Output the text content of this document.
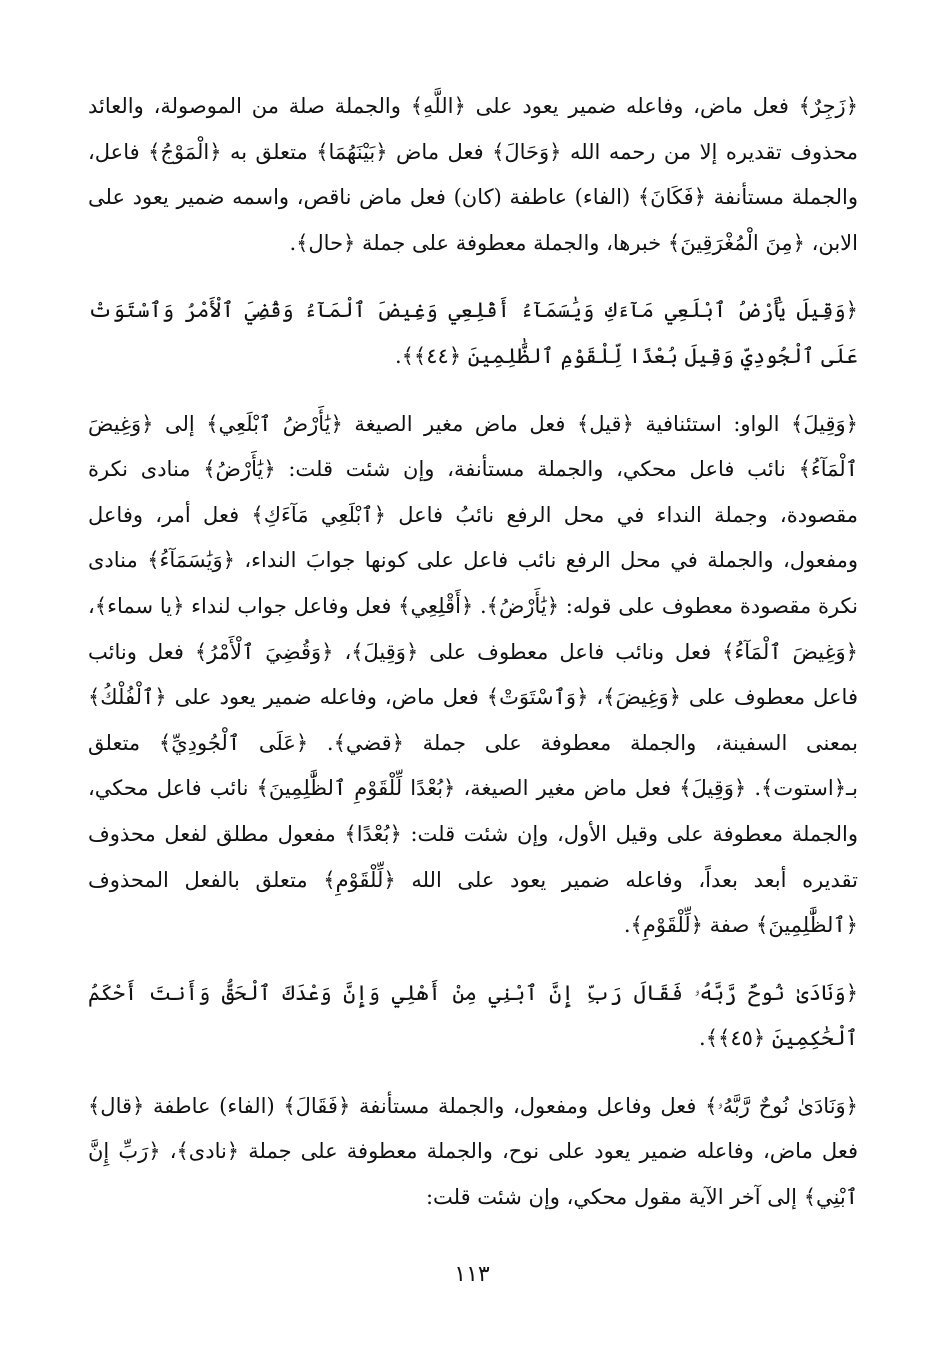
﴿زَجِرٌ﴾ فعل ماض، وفاعله ضمير يعود على ﴿اللَّهِ﴾ والجملة صلة من الموصولة، والعائد محذوف تقديره إلا من رحمه الله ﴿وَحَالَ﴾ فعل ماض ﴿بَيْنَهُمَا﴾ متعلق به ﴿الْمَوْجُ﴾ فاعل، والجملة مستأنفة ﴿فَكَانَ﴾ (الفاء) عاطفة (كان) فعل ماض ناقص، واسمه ضمير يعود على الابن، ﴿مِنَ الْمُغْرَقِينَ﴾ خبرها، والجملة معطوفة على جملة ﴿حال﴾.

﴿وَقِيلَ يَٰأَرْضُ ٱبْلَعِي مَآءَكِ وَيَٰسَمَآءُ أَقْلِعِي وَغِيضَ ٱلْمَآءُ وَقُضِيَ ٱلْأَمْرُ وَٱسْتَوَتْ عَلَى ٱلْجُودِيِّ وَقِيلَ بُعْدًا لِّلْقَوْمِ ٱلظَّٰلِمِينَ ﴿٤٤﴾﴾.

﴿وَقِيلَ﴾ الواو: استئنافية ﴿قيل﴾ فعل ماض مغير الصيغة ﴿يَٰأَرْضُ ٱبْلَعِي﴾ إلى ﴿وَغِيضَ ٱلْمَآءُ﴾ نائب فاعل محكي، والجملة مستأنفة، وإن شئت قلت: ﴿يَٰأَرْضُ﴾ منادى نكرة مقصودة، وجملة النداء في محل الرفع نائبُ فاعل ﴿ٱبْلَعِي مَآءَكِ﴾ فعل أمر، وفاعل ومفعول، والجملة في محل الرفع نائب فاعل على كونها جوابَ النداء، ﴿وَيَٰسَمَآءُ﴾ منادى نكرة مقصودة معطوف على قوله: ﴿يَٰأَرْضُ﴾. ﴿أَقْلِعِي﴾ فعل وفاعل جواب لنداء ﴿يا سماء﴾، ﴿وَغِيضَ ٱلْمَآءُ﴾ فعل ونائب فاعل معطوف على ﴿وَقِيلَ﴾، ﴿وَقُضِيَ ٱلْأَمْرُ﴾ فعل ونائب فاعل معطوف على ﴿وَغِيضَ﴾، ﴿وَٱسْتَوَتْ﴾ فعل ماض، وفاعله ضمير يعود على ﴿ٱلْفُلْكُ﴾ بمعنى السفينة، والجملة معطوفة على جملة ﴿قضي﴾. ﴿عَلَى ٱلْجُودِيِّ﴾ متعلق بـ﴿استوت﴾. ﴿وَقِيلَ﴾ فعل ماض مغير الصيغة، ﴿بُعْدًا لِّلْقَوْمِ ٱلظَّٰلِمِينَ﴾ نائب فاعل محكي، والجملة معطوفة على وقيل الأول، وإن شئت قلت: ﴿بُعْدًا﴾ مفعول مطلق لفعل محذوف تقديره أبعد بعداً، وفاعله ضمير يعود على الله ﴿لِّلْقَوْمِ﴾ متعلق بالفعل المحذوف ﴿ٱلظَّٰلِمِينَ﴾ صفة ﴿لِّلْقَوْمِ﴾.

﴿وَنَادَىٰ نُوحٌ رَّبَّهُۥ فَقَالَ رَبِّ إِنَّ ٱبْنِي مِنْ أَهْلِي وَإِنَّ وَعْدَكَ ٱلْحَقُّ وَأَنتَ أَحْكَمُ ٱلْحَٰكِمِينَ ﴿٤٥﴾﴾.

﴿وَنَادَىٰ نُوحٌ رَّبَّهُۥ﴾ فعل وفاعل ومفعول، والجملة مستأنفة ﴿فَقَالَ﴾ (الفاء) عاطفة ﴿قال﴾ فعل ماض، وفاعله ضمير يعود على نوح، والجملة معطوفة على جملة ﴿نادى﴾، ﴿رَبِّ إِنَّ ٱبْنِي﴾ إلى آخر الآية مقول محكي، وإن شئت قلت:

١١٣
